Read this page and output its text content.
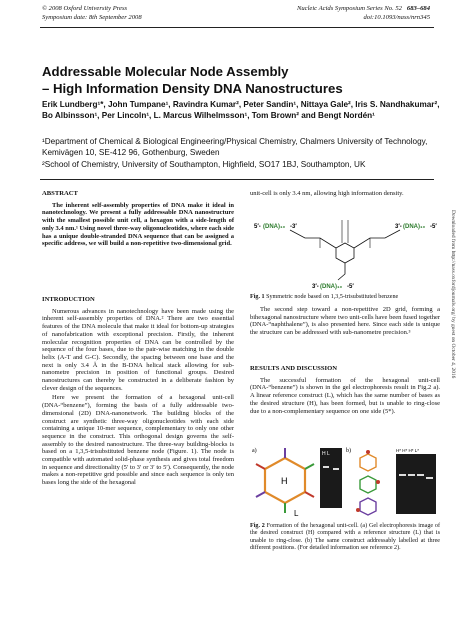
© 2008 Oxford University Press
Symposium date: 8th September 2008
Nucleic Acids Symposium Series No. 52 683–684
doi:10.1093/nass/nrn345
Addressable Molecular Node Assembly
– High Information Density DNA Nanostructures
Erik Lundberg¹*, John Tumpane¹, Ravindra Kumar², Peter Sandin¹, Nittaya Gale², Iris S. Nandhakumar², Bo Albinsson¹, Per Lincoln¹, L. Marcus Wilhelmsson¹, Tom Brown² and Bengt Nordén¹
¹Department of Chemical & Biological Engineering/Physical Chemistry, Chalmers University of Technology, Kemivägen 10, SE-412 96, Gothenburg, Sweden
²School of Chemistry, University of Southampton, Highfield, SO17 1BJ, Southampton, UK
ABSTRACT

The inherent self-assembly properties of DNA make it ideal in nanotechnology. We present a fully addressable DNA nanostructure with the smallest possible unit cell, a hexagon with a side-length of only 3.4 nm.¹ Using novel three-way oligonucleotides, where each side has a unique double-stranded DNA sequence that can be assigned a specific address, we will build a non-repetitive two-dimensional grid.

INTRODUCTION

Numerous advances in nanotechnology have been made using the inherent self-assembly properties of DNA.² There are two essential features of the DNA molecule that make it ideal for bottom-up strategies of nanofabrication with exceptional precision. Firstly, the inherent molecular recognition properties of DNA can be controlled by the sequence of the four bases, due to the pair-wise matching in the double helix (A-T and G-C). Secondly, the spacing between one base and the next is only 3.4 Å in the B-DNA helical stack allowing for sub-nanometre precision in position of functional groups. Desired nanostructures can thereby be constructed in a deliberate fashion by clever design of the sequences.

Here we present the formation of a hexagonal unit-cell (DNA-“benzene”), forming the basis of a fully addressable two-dimensional (2D) DNA-nanonetwork. The building blocks of the construct are synthetic three-way oligonucleotides with each side containing a unique 10-mer sequence, complementary to only one other sequence in the construct. This orthogonal design governs the self-assembly to the desired nanostructure. The three-way building-blocks is based on a 1,3,5-trisubstituted benzene node (Figure. 1). The node is compatible with automated solid-phase synthesis and gives total freedom in sequence and directionality (5′ to 3′ or 3′ to 5′). Consequently, the node makes a non-repetitive grid possible and since each sequence is only ten bases long the side of the hexagonal

unit-cell is only 3.4 nm, allowing high information density.
5′- (DNA)₁₀ -3′	3′- (DNA)₁₀ -5′
3′- (DNA)₁₀ -5′
Fig. 1 Symmetric node based on 1,3,5-trisubstituted benzene

The second step toward a non-repetitive 2D grid, forming a bihexagonal nanostructure where two unit-cells have been fused together (DNA-“naphthalene”), is also presented here. Since each side is unique the structure can be addressed with sub-nanometre precision.³

RESULTS AND DISCUSSION

The successful formation of the hexagonal unit-cell (DNA-“benzene”) is shown in the gel electrophoresis result in Fig.2 a). A linear reference construct (L), which has the same number of bases as the desired structure (H), has been formed, but is unable to ring-close due to a non-complementary sequence on one side (5*).

a)
H
L
H L	b)	H* H* H* L*
Fig. 2 Formation of the hexagonal unit-cell. (a) Gel electrophoresis image of the desired construct (H) compared with a reference structure (L) that is unable to ring-close. (b) The same construct addressably labelled at three different positions. (For detailed information see reference 2).
Downloaded from http://nass.oxfordjournals.org/ by guest on October 4, 2016
